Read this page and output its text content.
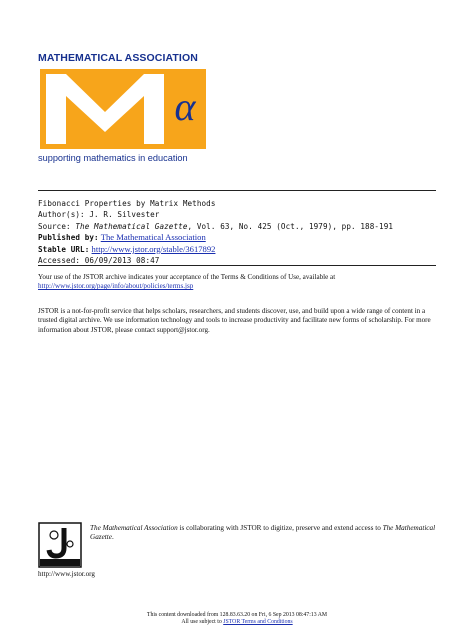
MATHEMATICAL ASSOCIATION
α
supporting mathematics in education
Fibonacci Properties by Matrix Methods
Author(s): J. R. Silvester
Source: The Mathematical Gazette, Vol. 63, No. 425 (Oct., 1979), pp. 188-191
Published by: The Mathematical Association
Stable URL: http://www.jstor.org/stable/3617892
Accessed: 06/09/2013 08:47
Your use of the JSTOR archive indicates your acceptance of the Terms & Conditions of Use, available at
http://www.jstor.org/page/info/about/policies/terms.jsp
JSTOR is a not-for-profit service that helps scholars, researchers, and students discover, use, and build upon a wide range of content in a trusted digital archive. We use information technology and tools to increase productivity and facilitate new forms of scholarship. For more information about JSTOR, please contact support@jstor.org.
http://www.jstor.org
The Mathematical Association is collaborating with JSTOR to digitize, preserve and extend access to The Mathematical Gazette.
This content downloaded from 128.83.63.20 on Fri, 6 Sep 2013 08:47:13 AM
All use subject to JSTOR Terms and Conditions
